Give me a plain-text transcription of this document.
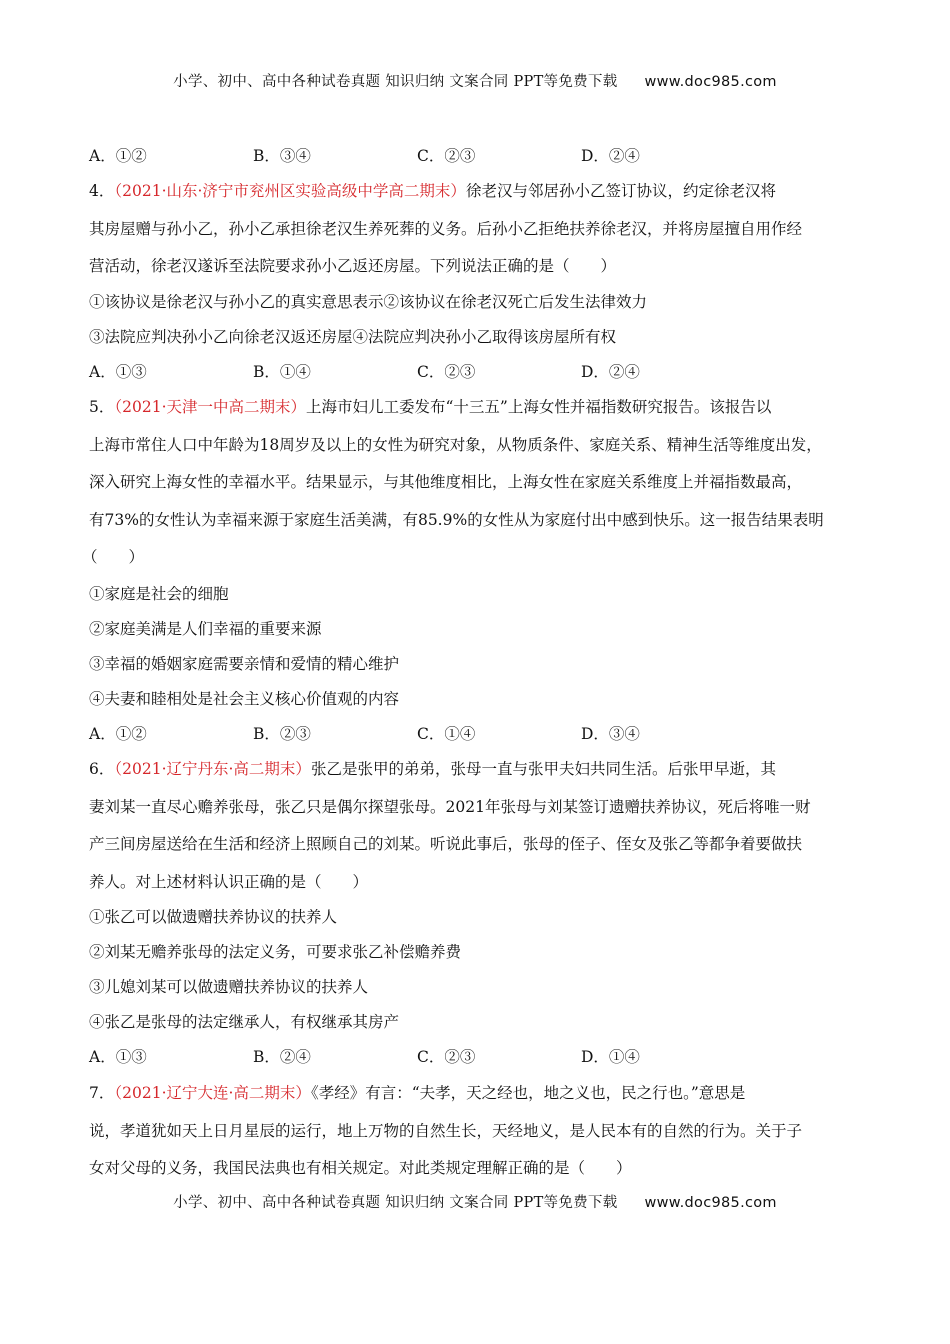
小学、初中、高中各种试卷真题 知识归纳 文案合同 PPT等免费下载 www.doc985.com
A．①②	B．③④	C．②③	D．②④
4．（2021·山东·济宁市兖州区实验高级中学高二期末）徐老汉与邻居孙小乙签订协议，约定徐老汉将
其房屋赠与孙小乙，孙小乙承担徐老汉生养死葬的义务。后孙小乙拒绝扶养徐老汉，并将房屋擅自用作经
营活动，徐老汉遂诉至法院要求孙小乙返还房屋。下列说法正确的是（　　）
①该协议是徐老汉与孙小乙的真实意思表示②该协议在徐老汉死亡后发生法律效力
③法院应判决孙小乙向徐老汉返还房屋④法院应判决孙小乙取得该房屋所有权
A．①③	B．①④	C．②③	D．②④
5．（2021·天津一中高二期末）上海市妇儿工委发布“十三五”上海女性并福指数研究报告。该报告以
上海市常住人口中年龄为18周岁及以上的女性为研究对象，从物质条件、家庭关系、精神生活等维度出发，
深入研究上海女性的幸福水平。结果显示，与其他维度相比，上海女性在家庭关系维度上并福指数最高，
有73%的女性认为幸福来源于家庭生活美满，有85.9%的女性从为家庭付出中感到快乐。这一报告结果表明
（　　）
①家庭是社会的细胞
②家庭美满是人们幸福的重要来源
③幸福的婚姻家庭需要亲情和爱情的精心维护
④夫妻和睦相处是社会主义核心价值观的内容
A．①②	B．②③	C．①④	D．③④
6．（2021·辽宁丹东·高二期末）张乙是张甲的弟弟，张母一直与张甲夫妇共同生活。后张甲早逝，其
妻刘某一直尽心赡养张母，张乙只是偶尔探望张母。2021年张母与刘某签订遗赠扶养协议，死后将唯一财
产三间房屋送给在生活和经济上照顾自己的刘某。听说此事后，张母的侄子、侄女及张乙等都争着要做扶
养人。对上述材料认识正确的是（　　）
①张乙可以做遗赠扶养协议的扶养人
②刘某无赡养张母的法定义务，可要求张乙补偿赡养费
③儿媳刘某可以做遗赠扶养协议的扶养人
④张乙是张母的法定继承人，有权继承其房产
A．①③	B．②④	C．②③	D．①④
7．（2021·辽宁大连·高二期末）《孝经》有言：“夫孝，天之经也，地之义也，民之行也。”意思是
说，孝道犹如天上日月星辰的运行，地上万物的自然生长，天经地义，是人民本有的自然的行为。关于子
女对父母的义务，我国民法典也有相关规定。对此类规定理解正确的是（　　）
小学、初中、高中各种试卷真题 知识归纳 文案合同 PPT等免费下载 www.doc985.com
